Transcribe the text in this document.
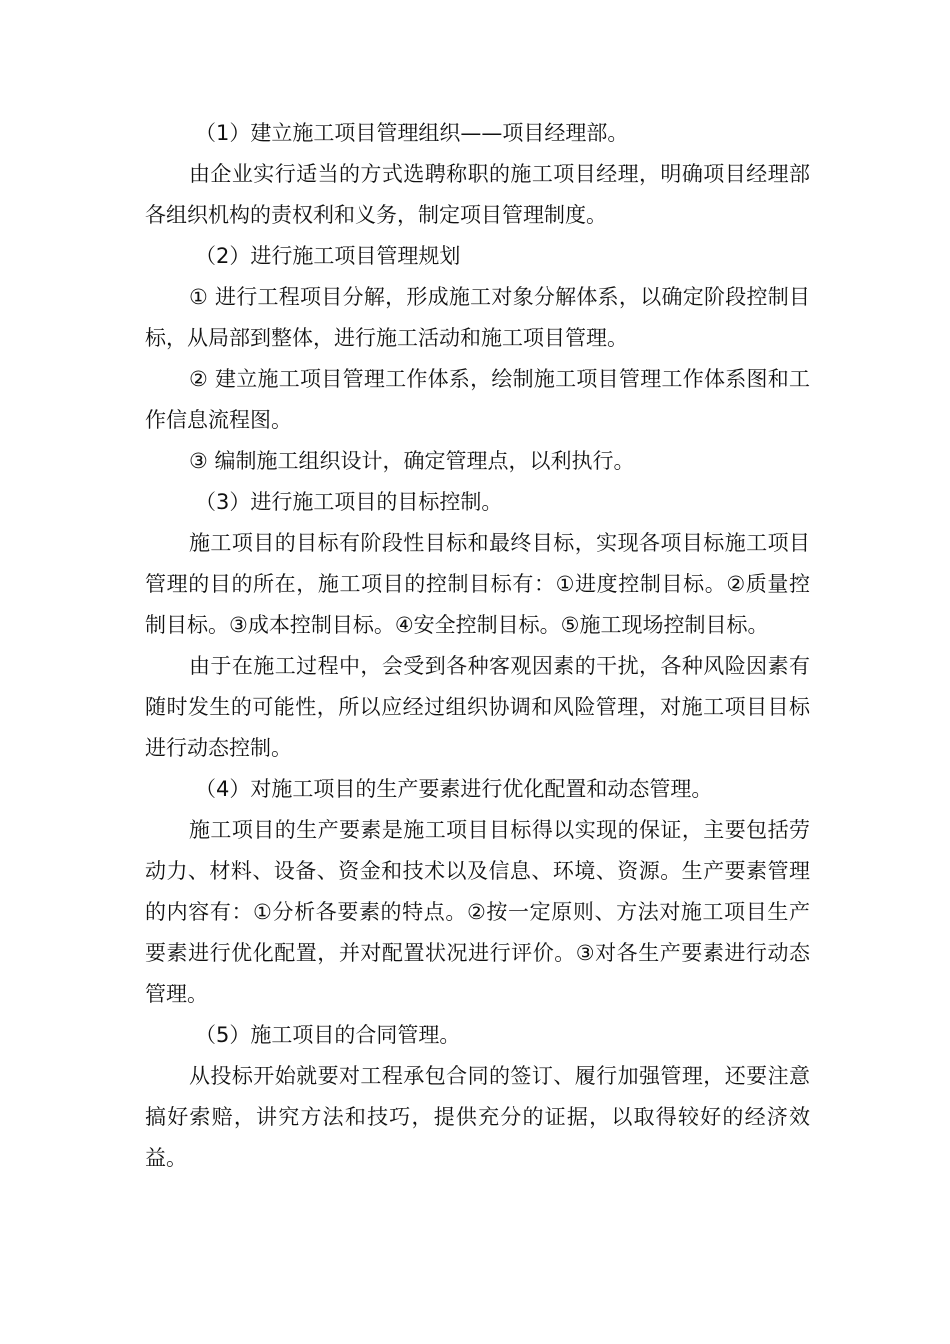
（1）建立施工项目管理组织——项目经理部。

由企业实行适当的方式选聘称职的施工项目经理，明确项目经理部各组织机构的责权利和义务，制定项目管理制度。

（2）进行施工项目管理规划

① 进行工程项目分解，形成施工对象分解体系，以确定阶段控制目标，从局部到整体，进行施工活动和施工项目管理。

② 建立施工项目管理工作体系，绘制施工项目管理工作体系图和工作信息流程图。

③ 编制施工组织设计，确定管理点，以利执行。

（3）进行施工项目的目标控制。

施工项目的目标有阶段性目标和最终目标，实现各项目标施工项目管理的目的所在，施工项目的控制目标有：①进度控制目标。②质量控制目标。③成本控制目标。④安全控制目标。⑤施工现场控制目标。

由于在施工过程中，会受到各种客观因素的干扰，各种风险因素有随时发生的可能性，所以应经过组织协调和风险管理，对施工项目目标进行动态控制。

（4）对施工项目的生产要素进行优化配置和动态管理。

施工项目的生产要素是施工项目目标得以实现的保证，主要包括劳动力、材料、设备、资金和技术以及信息、环境、资源。生产要素管理的内容有：①分析各要素的特点。②按一定原则、方法对施工项目生产要素进行优化配置，并对配置状况进行评价。③对各生产要素进行动态管理。

（5）施工项目的合同管理。

从投标开始就要对工程承包合同的签订、履行加强管理，还要注意搞好索赔，讲究方法和技巧，提供充分的证据，以取得较好的经济效益。
